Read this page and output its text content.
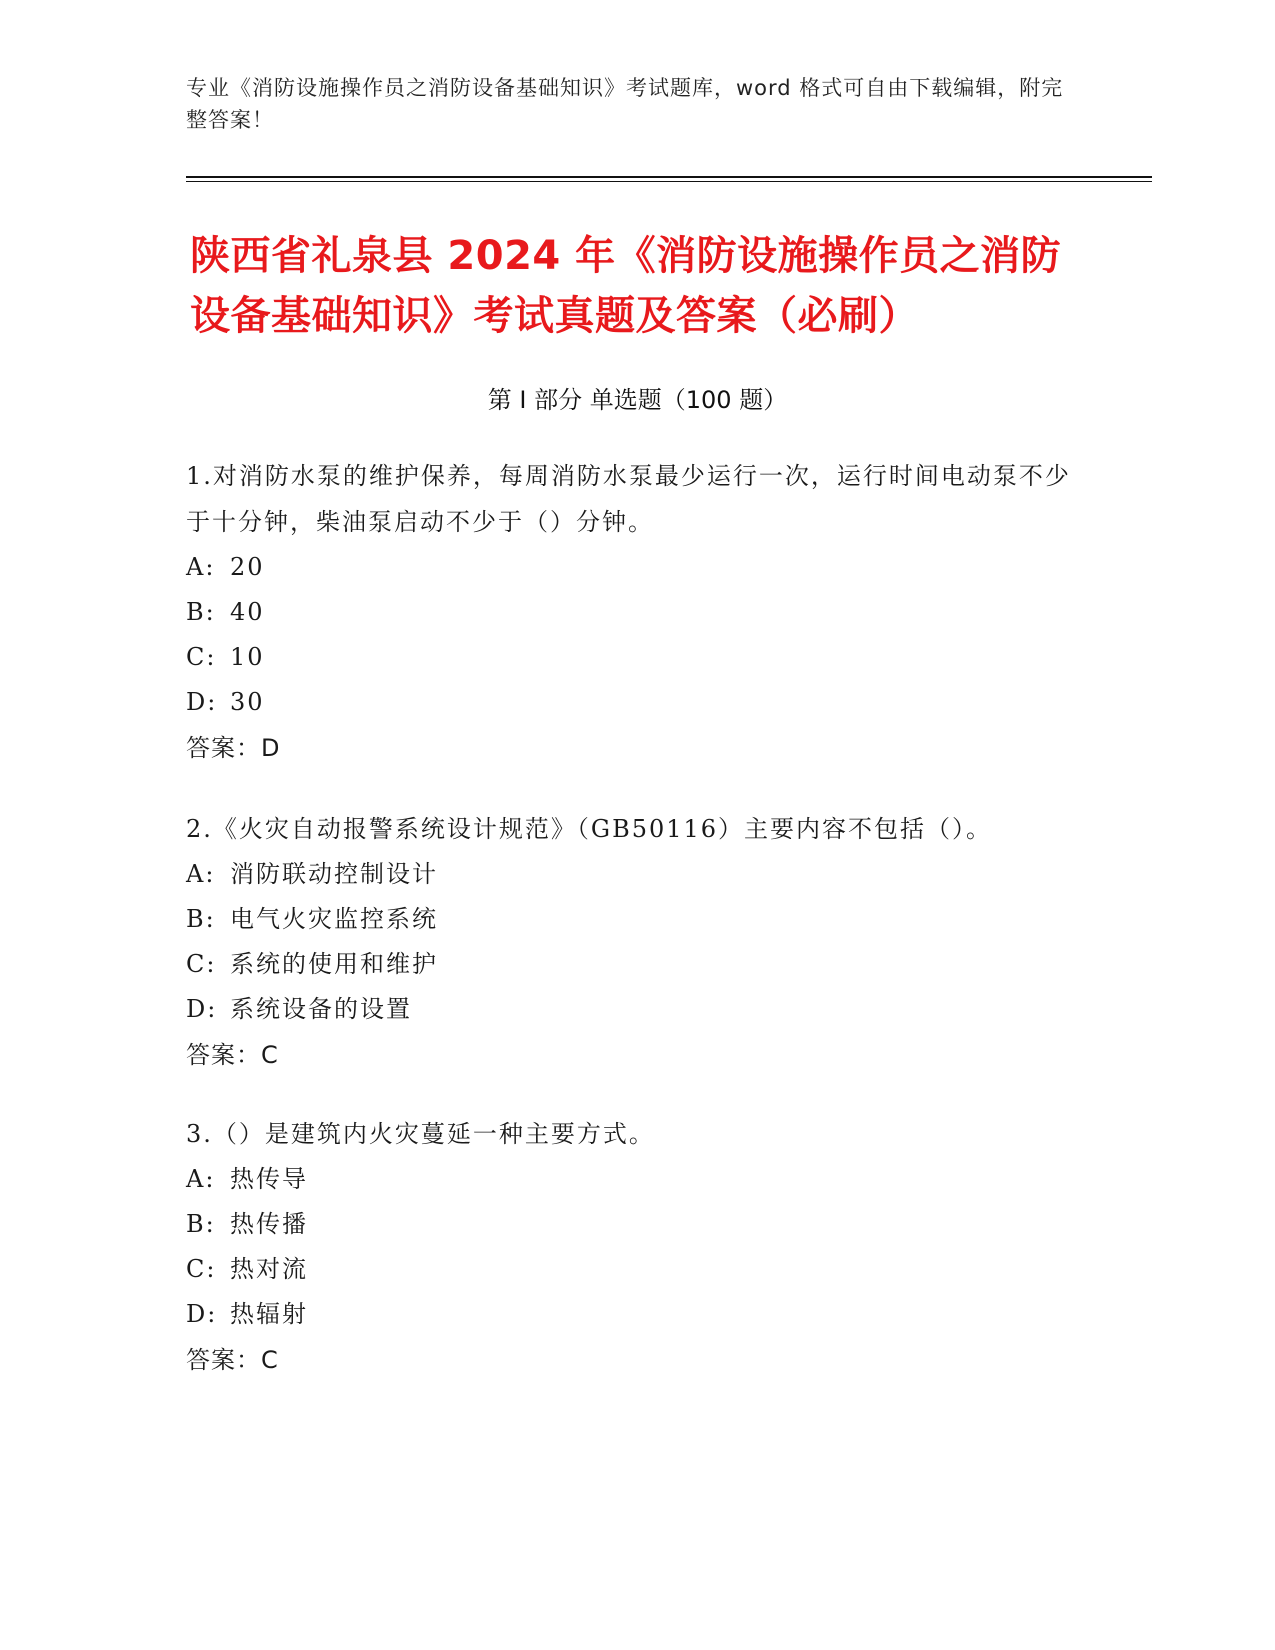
专业《消防设施操作员之消防设备基础知识》考试题库，word 格式可自由下载编辑，附完整答案！
陕西省礼泉县 2024 年《消防设施操作员之消防设备基础知识》考试真题及答案（必刷）
第 I 部分 单选题（100 题）

1.对消防水泵的维护保养，每周消防水泵最少运行一次，运行时间电动泵不少于十分钟，柴油泵启动不少于（）分钟。

A: 20

B: 40

C: 10

D: 30

答案：D

2.《火灾自动报警系统设计规范》（GB50116）主要内容不包括（）。

A: 消防联动控制设计

B: 电气火灾监控系统

C: 系统的使用和维护

D: 系统设备的设置

答案：C

3.（）是建筑内火灾蔓延一种主要方式。

A: 热传导

B: 热传播

C: 热对流

D: 热辐射

答案：C
